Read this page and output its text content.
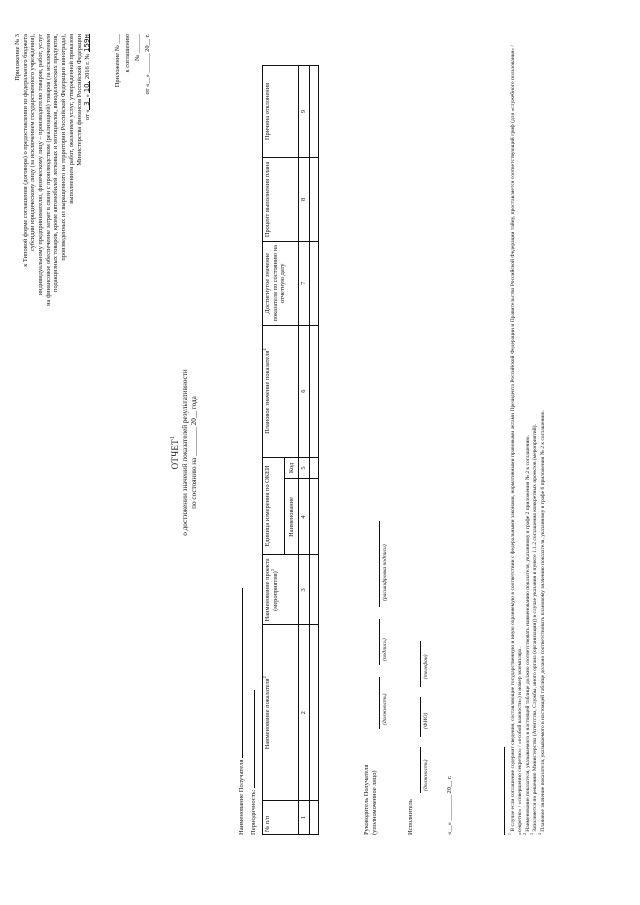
Приложение № 3 к Типовой форме соглашения (договора) о предоставлении из федерального бюджета субсидии юридическому лицу (за исключением государственного учреждения), индивидуальному предпринимателю, физическому лицу – производителю товаров, работ, услуг на финансовое обеспечение затрат в связи с производством (реализацией) товаров (за исключением подакцизных товаров, кроме автомобилей легковых и мотоциклов, винодельческих продуктов, произведенных из выращенного на территории Российской Федерации винограда), выполнением работ, оказанием услуг, утвержденной приказом Министерства финансов Российской Федерации от «3» 10. 2016 г. № 159н	Приложение № ___ к соглашению № ______ от «__» ______ 20__ г.
ОТЧЕТ$^1$ о достижении значений показателей результативности по состоянию на ________ 20__ года
Наименование Получателя Периодичность:	№ п/п	Наименование показателя$^2$	Наименование проекта (мероприятия)$^3$	Единица измерения по ОКЕИ		Плановое значение показателя$^4$	Достигнутое значение показателя по состоянию на отчетную дату	Процент выполнения плана	Причина отклонения
			Наименование	Код				
1	2	3	4	5	6	7	8	9

Руководитель Получателя (уполномоченное лицо)
(должность)
(подпись)
(расшифровка подписи)
Исполнитель
(должность)
(ФИО)
(телефон)
«__» ________ 20__ г.	$^1$ В случае если соглашение содержит сведения, составляющие государственную и иную охраняемую в соответствии с федеральными законами, нормативными правовыми актами Президента Российской Федерации и Правительства Российской Федерации тайну, проставляется соответствующий гриф (для «служебного пользования» / «секретно» / «совершенно секретно» / «особой важности») и номер экземпляра. $^2$ Наименование показателя, указываемого в настоящей таблице должно соответствовать наименованию показателя, указанному в графе 2 приложения № 2 к соглашению.

$^3$ Заполняется по решению Министерства (Агентства, Службы, иного органа (организации)) в случае указания в пункте 1.1.2 соглашения конкретных проектов (мероприятий).

$^4$ Плановое значение показателя, указываемого в настоящей таблице должно соответствовать плановому значению показателя, указанному в графе 6 приложения № 2 к соглашению.
